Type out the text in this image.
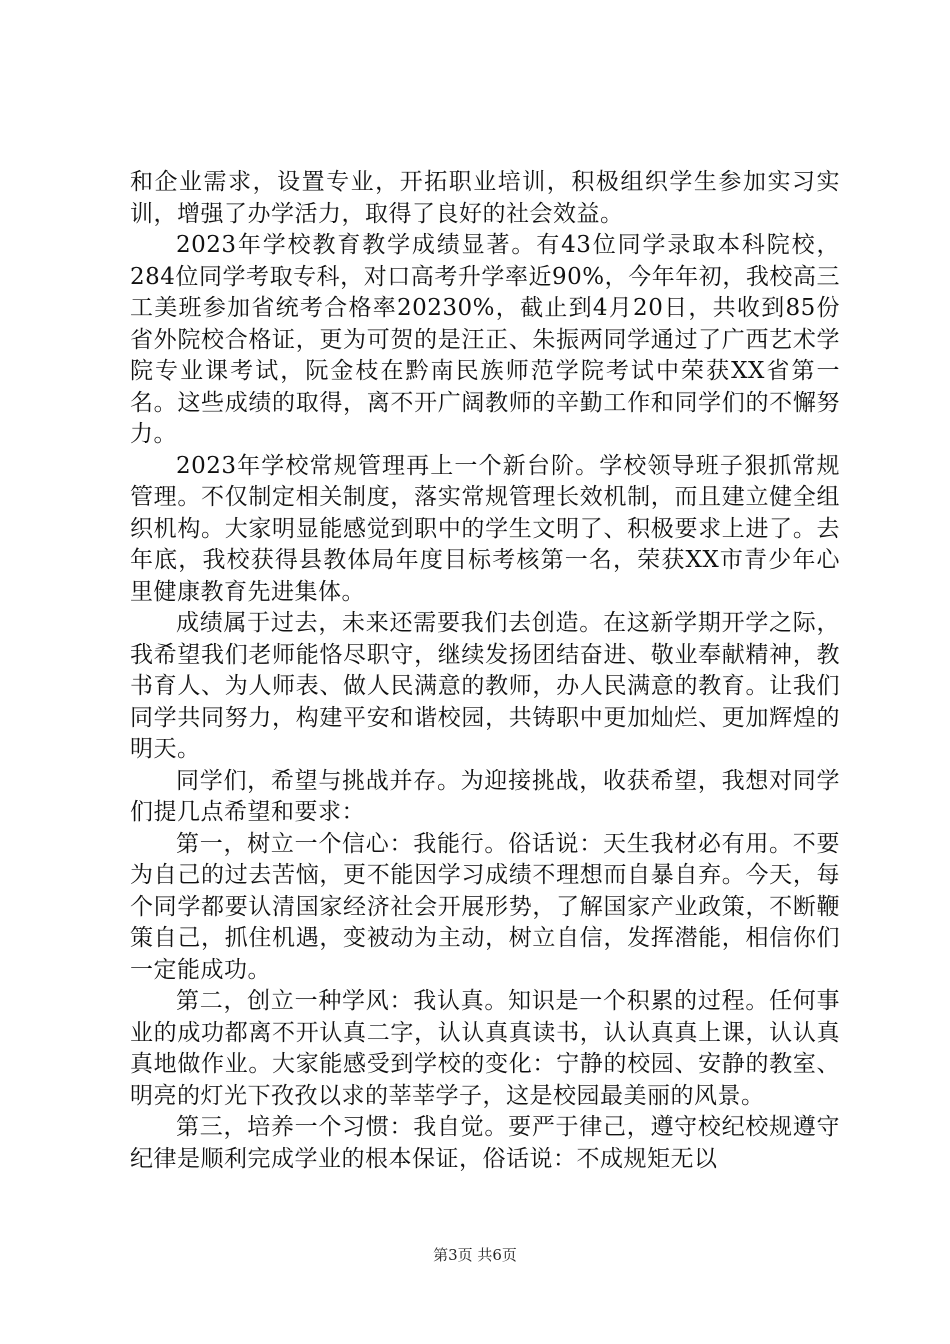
和企业需求，设置专业，开拓职业培训，积极组织学生参加实习实训，增强了办学活力，取得了良好的社会效益。

2023年学校教育教学成绩显著。有43位同学录取本科院校，284位同学考取专科，对口高考升学率近90%，今年年初，我校高三工美班参加省统考合格率20230%，截止到4月20日，共收到85份省外院校合格证，更为可贺的是汪正、朱振两同学通过了广西艺术学院专业课考试，阮金枝在黔南民族师范学院考试中荣获XX省第一名。这些成绩的取得，离不开广阔教师的辛勤工作和同学们的不懈努力。

2023年学校常规管理再上一个新台阶。学校领导班子狠抓常规管理。不仅制定相关制度，落实常规管理长效机制，而且建立健全组织机构。大家明显能感觉到职中的学生文明了、积极要求上进了。去年底，我校获得县教体局年度目标考核第一名，荣获XX市青少年心里健康教育先进集体。

成绩属于过去，未来还需要我们去创造。在这新学期开学之际，我希望我们老师能恪尽职守，继续发扬团结奋进、敬业奉献精神，教书育人、为人师表、做人民满意的教师，办人民满意的教育。让我们同学共同努力，构建平安和谐校园，共铸职中更加灿烂、更加辉煌的明天。

同学们，希望与挑战并存。为迎接挑战，收获希望，我想对同学们提几点希望和要求：

第一，树立一个信心：我能行。俗话说：天生我材必有用。不要为自己的过去苦恼，更不能因学习成绩不理想而自暴自弃。今天，每个同学都要认清国家经济社会开展形势，了解国家产业政策，不断鞭策自己，抓住机遇，变被动为主动，树立自信，发挥潜能，相信你们一定能成功。

第二，创立一种学风：我认真。知识是一个积累的过程。任何事业的成功都离不开认真二字，认认真真读书，认认真真上课，认认真真地做作业。大家能感受到学校的变化：宁静的校园、安静的教室、明亮的灯光下孜孜以求的莘莘学子，这是校园最美丽的风景。

第三，培养一个习惯：我自觉。要严于律己，遵守校纪校规遵守纪律是顺利完成学业的根本保证，俗话说：不成规矩无以

第3页 共6页
